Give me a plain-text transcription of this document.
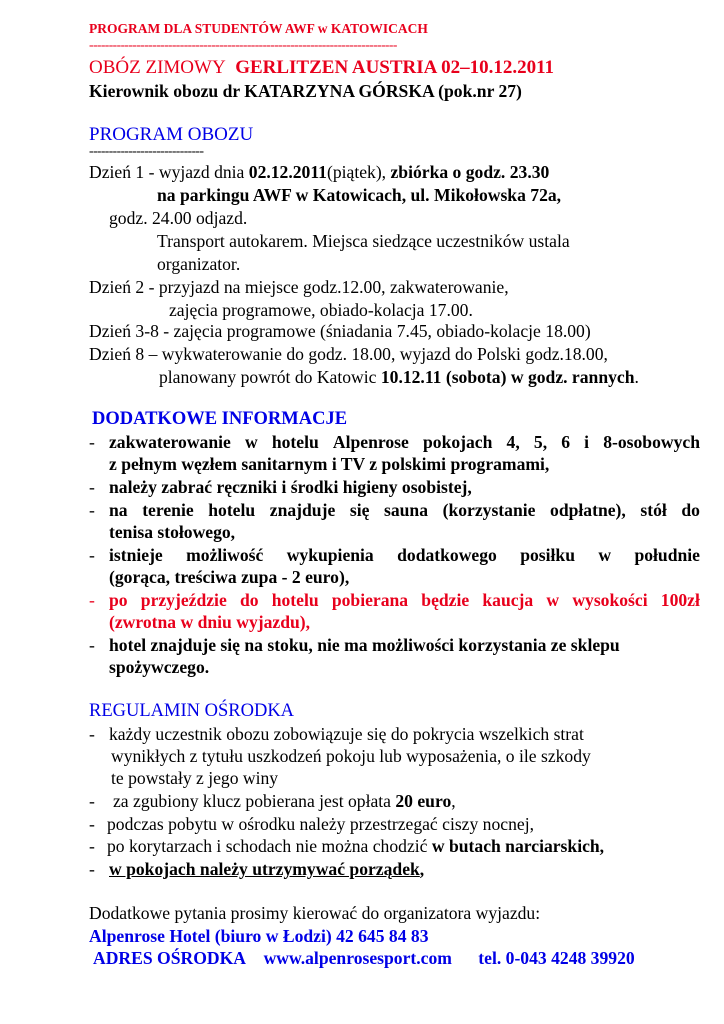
PROGRAM DLA STUDENTÓW AWF w KATOWICACH
------------------------------------------------------------------------------
OBÓZ ZIMOWY GERLITZEN AUSTRIA 02–10.12.2011
Kierownik obozu dr KATARZYNA GÓRSKA (pok.nr 27)
PROGRAM OBOZU
-----------------------------
Dzień 1 - wyjazd dnia 02.12.2011(piątek), zbiórka o godz. 23.30
na parkingu AWF w Katowicach, ul. Mikołowska 72a,
godz. 24.00 odjazd.
Transport autokarem. Miejsca siedzące uczestników ustala
organizator.
Dzień 2 - przyjazd na miejsce godz.12.00, zakwaterowanie,
zajęcia programowe, obiado-kolacja 17.00.
Dzień 3-8 - zajęcia programowe (śniadania 7.45, obiado-kolacje 18.00)
Dzień 8 – wykwaterowanie do godz. 18.00, wyjazd do Polski godz.18.00,
planowany powrót do Katowic 10.12.11 (sobota) w godz. rannych.
DODATKOWE INFORMACJE
- zakwaterowanie w hotelu Alpenrose pokojach 4, 5, 6 i 8-osobowych
z pełnym węzłem sanitarnym i TV z polskimi programami,
- należy zabrać ręczniki i środki higieny osobistej,
- na terenie hotelu znajduje się sauna (korzystanie odpłatne), stół do
tenisa stołowego,
- istnieje możliwość wykupienia dodatkowego posiłku w południe
(gorąca, treściwa zupa - 2 euro),
- po przyjeździe do hotelu pobierana będzie kaucja w wysokości 100zł
(zwrotna w dniu wyjazdu),
- hotel znajduje się na stoku, nie ma możliwości korzystania ze sklepu
spożywczego.
REGULAMIN OŚRODKA
- każdy uczestnik obozu zobowiązuje się do pokrycia wszelkich strat
wynikłych z tytułu uszkodzeń pokoju lub wyposażenia, o ile szkody
te powstały z jego winy
- za zgubiony klucz pobierana jest opłata 20 euro,
- podczas pobytu w ośrodku należy przestrzegać ciszy nocnej,
- po korytarzach i schodach nie można chodzić w butach narciarskich,
- w pokojach należy utrzymywać porządek,
Dodatkowe pytania prosimy kierować do organizatora wyjazdu:
Alpenrose Hotel (biuro w Łodzi) 42 645 84 83
ADRES OŚRODKA www.alpenrosesport.com tel. 0-043 4248 39920
